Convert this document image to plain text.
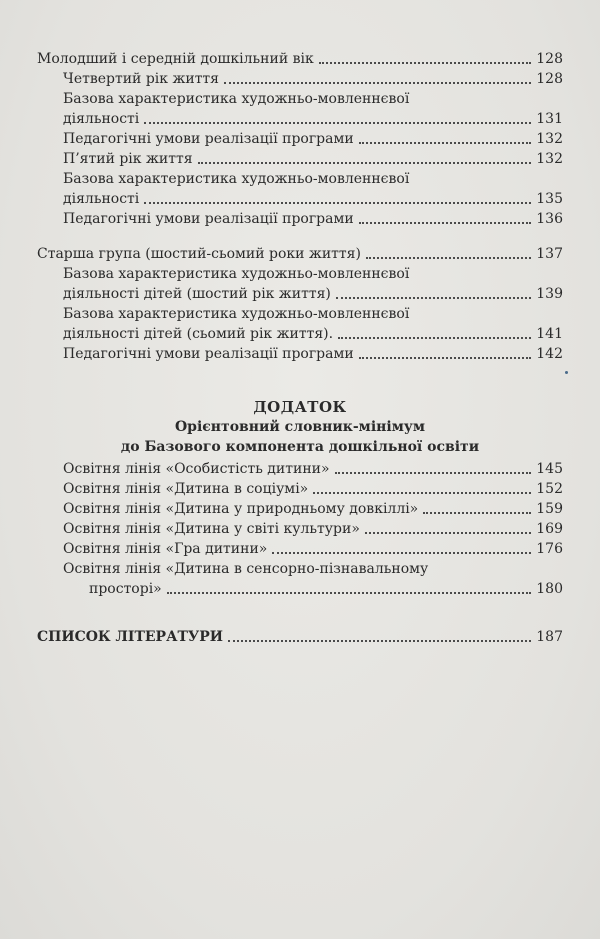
Молодший і середній дошкільний вік	128
Четвертий рік життя	128
Базова характеристика художньо-мовленнєвої
діяльності	131
Педагогічні умови реалізації програми	132
П’ятий рік життя	132
Базова характеристика художньо-мовленнєвої
діяльності	135
Педагогічні умови реалізації програми	136
Старша група (шостий-сьомий роки життя)	137
Базова характеристика художньо-мовленнєвої
діяльності дітей (шостий рік життя)	139
Базова характеристика художньо-мовленнєвої
діяльності дітей (сьомий рік життя).	141
Педагогічні умови реалізації програми	142
ДОДАТОК
Орієнтовний словник-мінімум
до Базового компонента дошкільної освіти
Освітня лінія «Особистість дитини»	145
Освітня лінія «Дитина в соціумі»	152
Освітня лінія «Дитина у природньому довкіллі»	159
Освітня лінія «Дитина у світі культури»	169
Освітня лінія «Гра дитини»	176
Освітня лінія «Дитина в сенсорно-пізнавальному
просторі»	180
СПИСОК ЛІТЕРАТУРИ	187
